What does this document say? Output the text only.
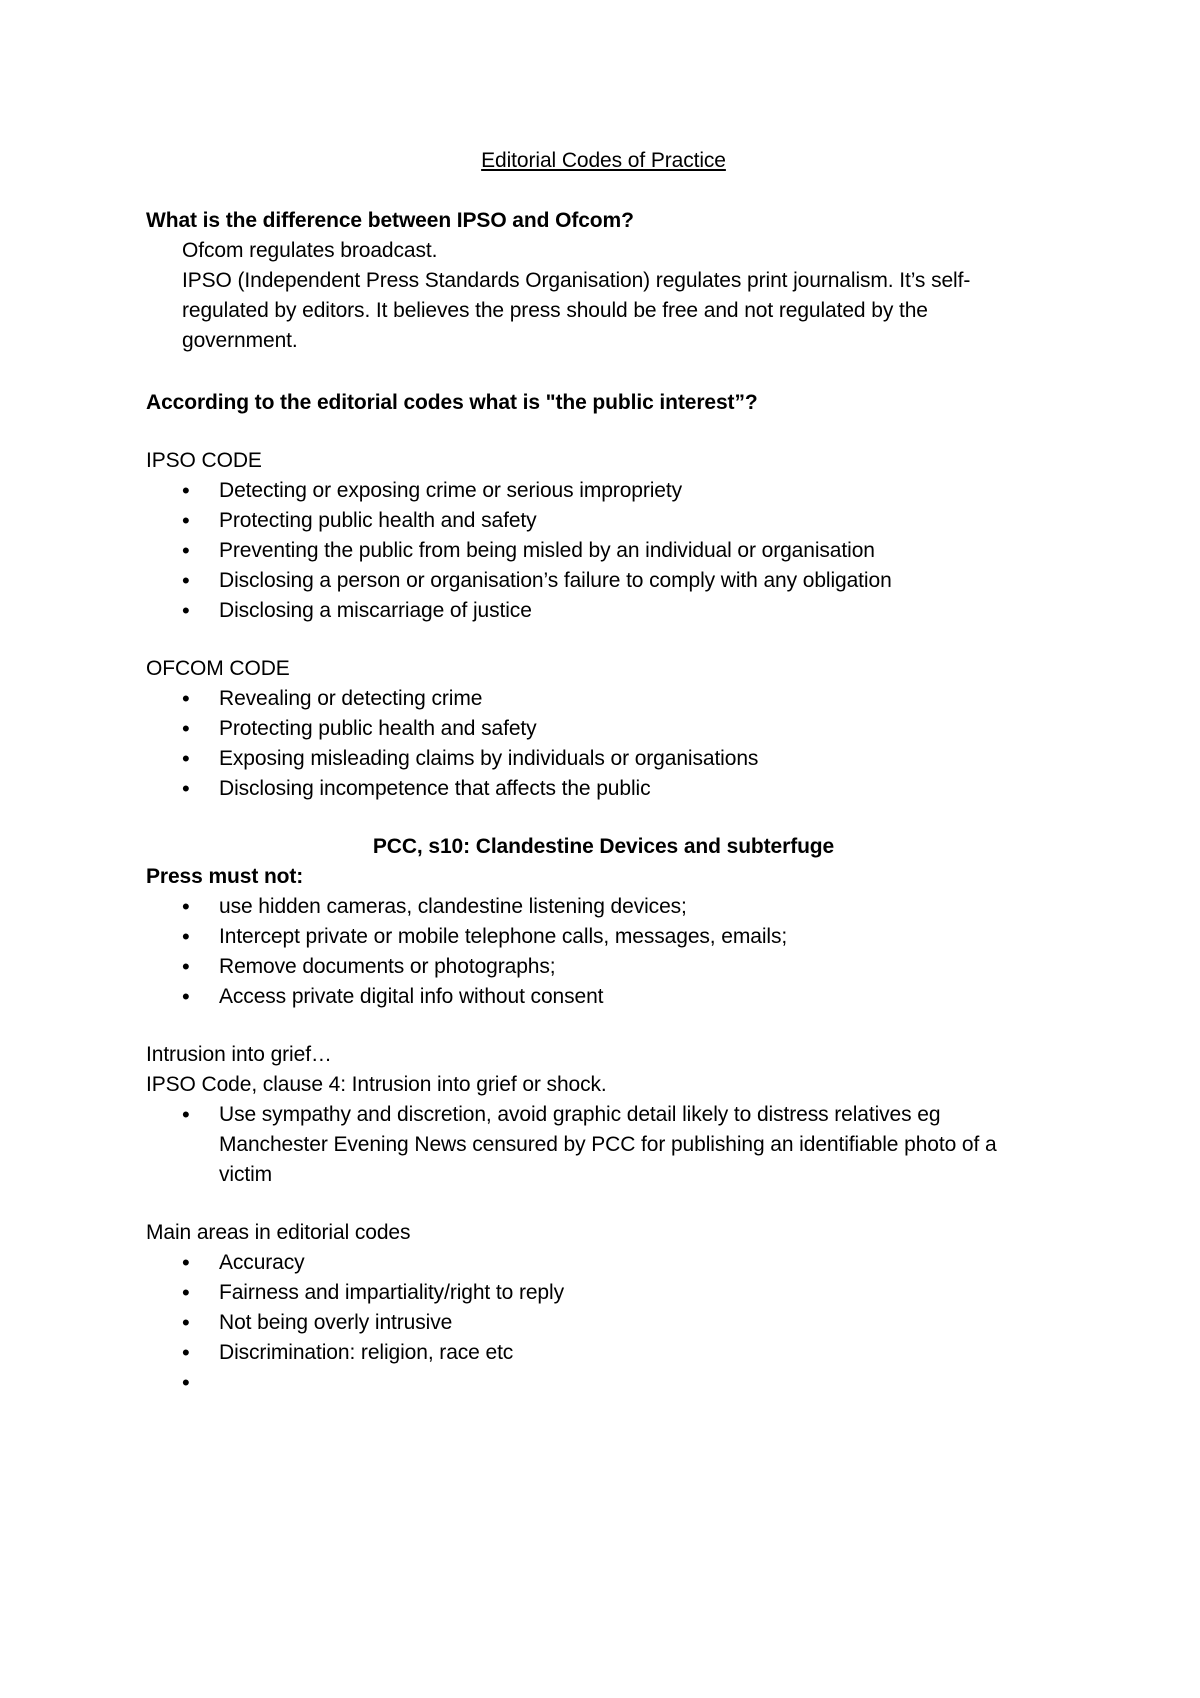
Editorial Codes of Practice
What is the difference between IPSO and Ofcom?
Ofcom regulates broadcast.
IPSO (Independent Press Standards Organisation) regulates print journalism. It’s self-regulated by editors. It believes the press should be free and not regulated by the government.
According to the editorial codes what is "the public interest”?
IPSO CODE
• Detecting or exposing crime or serious impropriety
• Protecting public health and safety
• Preventing the public from being misled by an individual or organisation
• Disclosing a person or organisation’s failure to comply with any obligation
• Disclosing a miscarriage of justice
OFCOM CODE
• Revealing or detecting crime
• Protecting public health and safety
• Exposing misleading claims by individuals or organisations
• Disclosing incompetence that affects the public
PCC, s10: Clandestine Devices and subterfuge
Press must not:
• use hidden cameras, clandestine listening devices;
• Intercept private or mobile telephone calls, messages, emails;
• Remove documents or photographs;
• Access private digital info without consent
Intrusion into grief…
IPSO Code, clause 4: Intrusion into grief or shock.
• Use sympathy and discretion, avoid graphic detail likely to distress relatives eg Manchester Evening News censured by PCC for publishing an identifiable photo of a victim
Main areas in editorial codes
• Accuracy
• Fairness and impartiality/right to reply
• Not being overly intrusive
• Discrimination: religion, race etc
•
